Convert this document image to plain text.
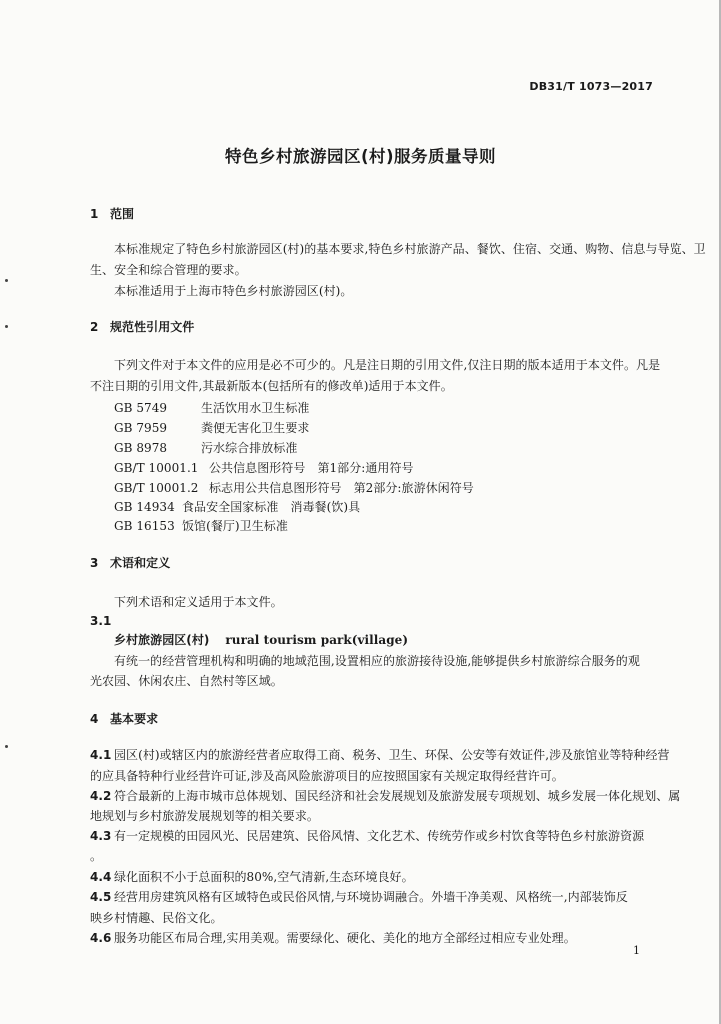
DB31/T 1073—2017
特色乡村旅游园区(村)服务质量导则
1 范围
本标准规定了特色乡村旅游园区(村)的基本要求,特色乡村旅游产品、餐饮、住宿、交通、购物、信息与导览、卫
生、安全和综合管理的要求。
本标准适用于上海市特色乡村旅游园区(村)。
2 规范性引用文件
下列文件对于本文件的应用是必不可少的。凡是注日期的引用文件,仅注日期的版本适用于本文件。凡是
不注日期的引用文件,其最新版本(包括所有的修改单)适用于本文件。
GB 5749	生活饮用水卫生标准
GB 7959	粪便无害化卫生要求
GB 8978	污水综合排放标准
GB/T 10001.1 公共信息图形符号　第1部分:通用符号
GB/T 10001.2 标志用公共信息图形符号　第2部分:旅游休闲符号
GB 14934 食品安全国家标准　消毒餐(饮)具
GB 16153 饭馆(餐厅)卫生标准
3 术语和定义
下列术语和定义适用于本文件。
3.1
乡村旅游园区(村) rural tourism park(village)
有统一的经营管理机构和明确的地域范围,设置相应的旅游接待设施,能够提供乡村旅游综合服务的观
光农园、休闲农庄、自然村等区域。
4 基本要求
4.1 园区(村)或辖区内的旅游经营者应取得工商、税务、卫生、环保、公安等有效证件,涉及旅馆业等特种经营
的应具备特种行业经营许可证,涉及高风险旅游项目的应按照国家有关规定取得经营许可。
4.2 符合最新的上海市城市总体规划、国民经济和社会发展规划及旅游发展专项规划、城乡发展一体化规划、属
地规划与乡村旅游发展规划等的相关要求。
4.3 有一定规模的田园风光、民居建筑、民俗风情、文化艺术、传统劳作或乡村饮食等特色乡村旅游资源
。
4.4 绿化面积不小于总面积的80%,空气清新,生态环境良好。
4.5 经营用房建筑风格有区域特色或民俗风情,与环境协调融合。外墙干净美观、风格统一,内部装饰反
映乡村情趣、民俗文化。
4.6 服务功能区布局合理,实用美观。需要绿化、硬化、美化的地方全部经过相应专业处理。
1
